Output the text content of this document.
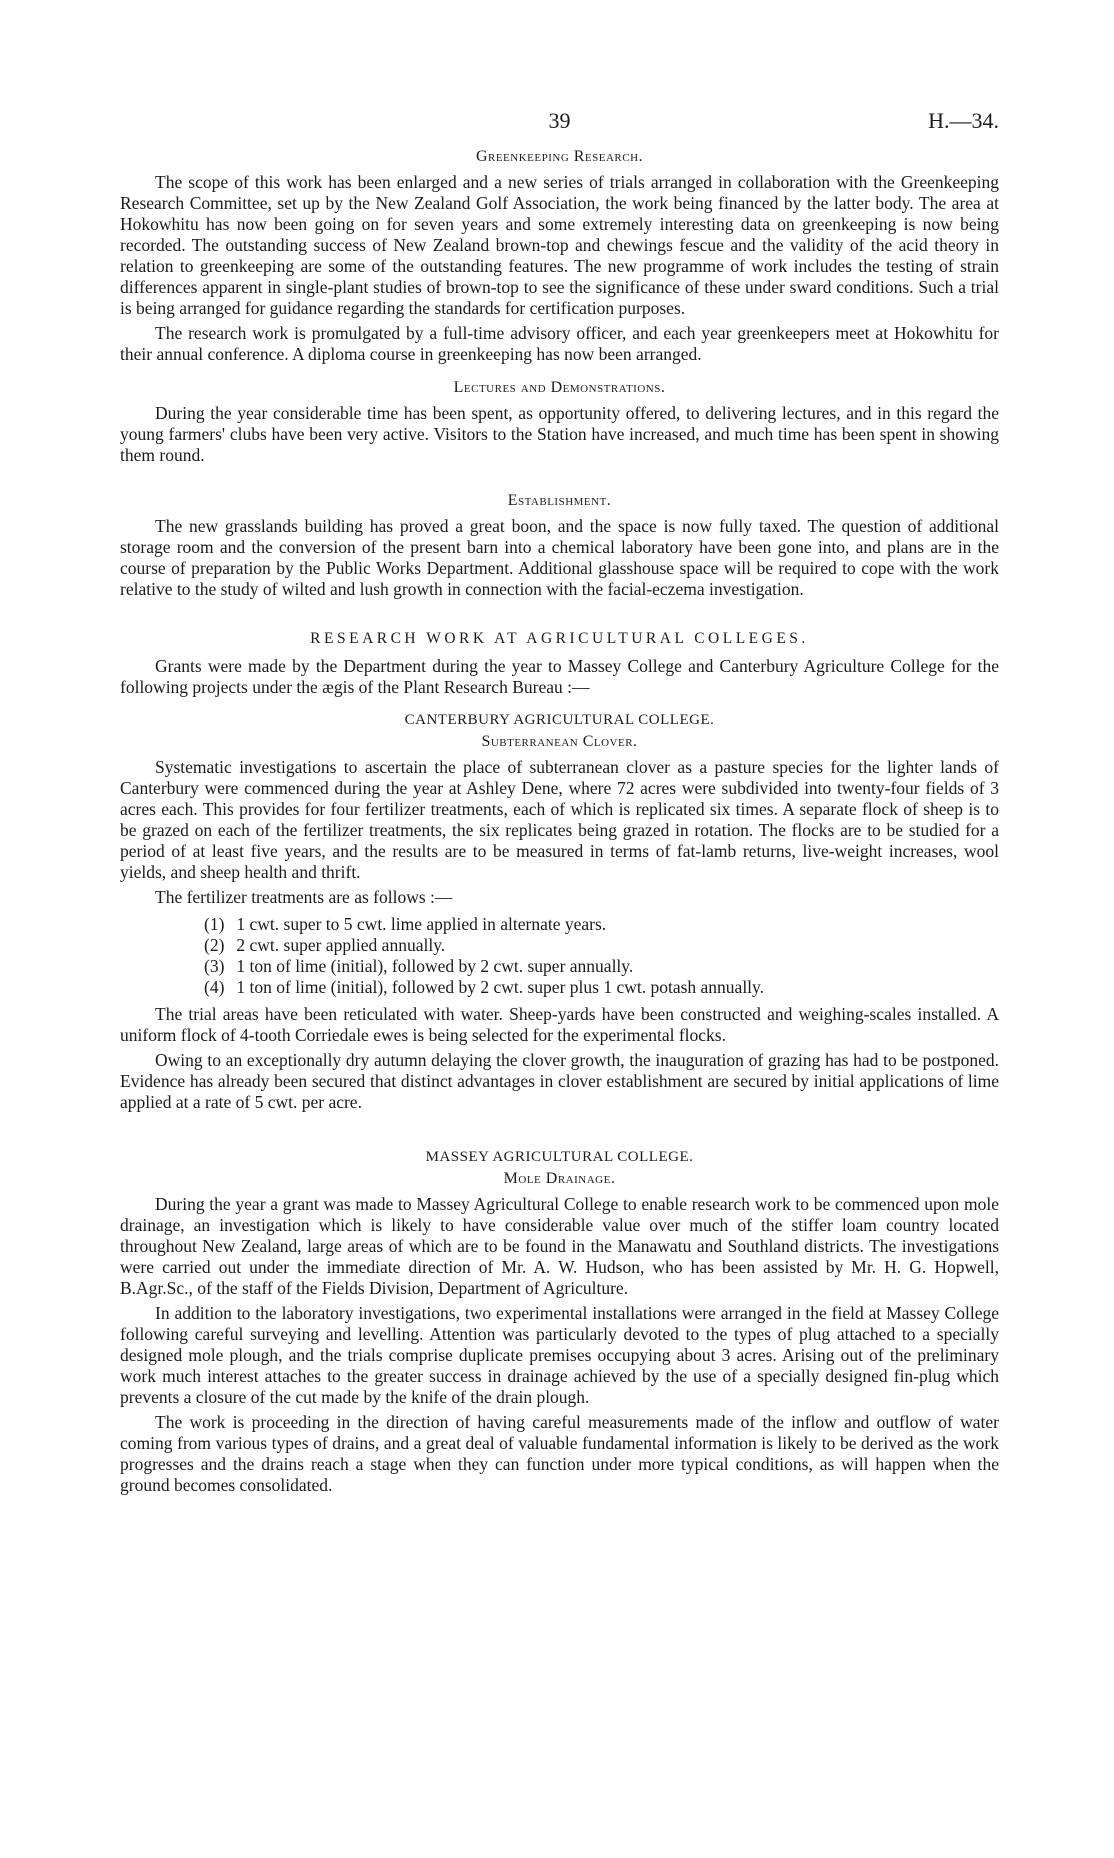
39	H.—34.
Greenkeeping Research.

The scope of this work has been enlarged and a new series of trials arranged in collaboration with the Greenkeeping Research Committee, set up by the New Zealand Golf Association, the work being financed by the latter body. The area at Hokowhitu has now been going on for seven years and some extremely interesting data on greenkeeping is now being recorded. The outstanding success of New Zealand brown-top and chewings fescue and the validity of the acid theory in relation to greenkeeping are some of the outstanding features. The new programme of work includes the testing of strain differences apparent in single-plant studies of brown-top to see the significance of these under sward conditions. Such a trial is being arranged for guidance regarding the standards for certification purposes.

The research work is promulgated by a full-time advisory officer, and each year greenkeepers meet at Hokowhitu for their annual conference. A diploma course in greenkeeping has now been arranged.

Lectures and Demonstrations.

During the year considerable time has been spent, as opportunity offered, to delivering lectures, and in this regard the young farmers' clubs have been very active. Visitors to the Station have increased, and much time has been spent in showing them round.

Establishment.

The new grasslands building has proved a great boon, and the space is now fully taxed. The question of additional storage room and the conversion of the present barn into a chemical laboratory have been gone into, and plans are in the course of preparation by the Public Works Department. Additional glasshouse space will be required to cope with the work relative to the study of wilted and lush growth in connection with the facial-eczema investigation.

RESEARCH WORK AT AGRICULTURAL COLLEGES.

Grants were made by the Department during the year to Massey College and Canterbury Agriculture College for the following projects under the ægis of the Plant Research Bureau :—

CANTERBURY AGRICULTURAL COLLEGE.
Subterranean Clover.

Systematic investigations to ascertain the place of subterranean clover as a pasture species for the lighter lands of Canterbury were commenced during the year at Ashley Dene, where 72 acres were subdivided into twenty-four fields of 3 acres each. This provides for four fertilizer treatments, each of which is replicated six times. A separate flock of sheep is to be grazed on each of the fertilizer treatments, the six replicates being grazed in rotation. The flocks are to be studied for a period of at least five years, and the results are to be measured in terms of fat-lamb returns, live-weight increases, wool yields, and sheep health and thrift.

The fertilizer treatments are as follows :—

(1) 1 cwt. super to 5 cwt. lime applied in alternate years.
(2) 2 cwt. super applied annually.
(3) 1 ton of lime (initial), followed by 2 cwt. super annually.
(4) 1 ton of lime (initial), followed by 2 cwt. super plus 1 cwt. potash annually.

The trial areas have been reticulated with water. Sheep-yards have been constructed and weighing-scales installed. A uniform flock of 4-tooth Corriedale ewes is being selected for the experimental flocks.

Owing to an exceptionally dry autumn delaying the clover growth, the inauguration of grazing has had to be postponed. Evidence has already been secured that distinct advantages in clover establishment are secured by initial applications of lime applied at a rate of 5 cwt. per acre.

MASSEY AGRICULTURAL COLLEGE.
Mole Drainage.

During the year a grant was made to Massey Agricultural College to enable research work to be commenced upon mole drainage, an investigation which is likely to have considerable value over much of the stiffer loam country located throughout New Zealand, large areas of which are to be found in the Manawatu and Southland districts. The investigations were carried out under the immediate direction of Mr. A. W. Hudson, who has been assisted by Mr. H. G. Hopwell, B.Agr.Sc., of the staff of the Fields Division, Department of Agriculture.

In addition to the laboratory investigations, two experimental installations were arranged in the field at Massey College following careful surveying and levelling. Attention was particularly devoted to the types of plug attached to a specially designed mole plough, and the trials comprise duplicate premises occupying about 3 acres. Arising out of the preliminary work much interest attaches to the greater success in drainage achieved by the use of a specially designed fin-plug which prevents a closure of the cut made by the knife of the drain plough.

The work is proceeding in the direction of having careful measurements made of the inflow and outflow of water coming from various types of drains, and a great deal of valuable fundamental information is likely to be derived as the work progresses and the drains reach a stage when they can function under more typical conditions, as will happen when the ground becomes consolidated.
